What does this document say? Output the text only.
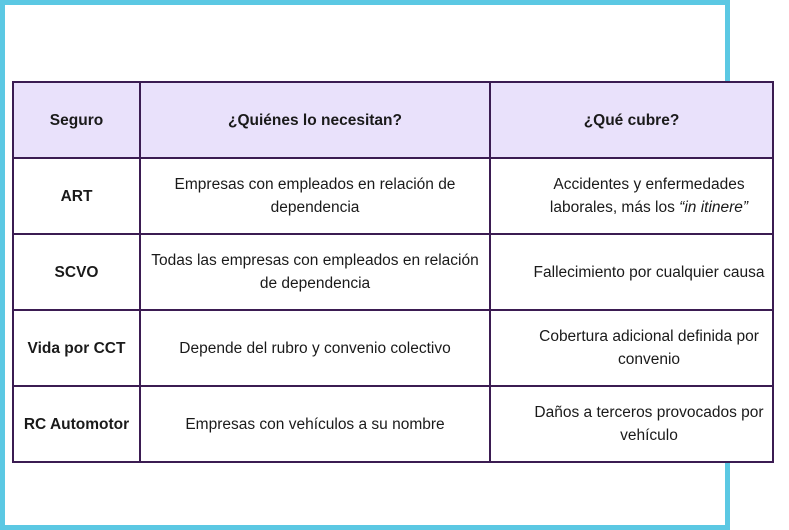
Seguro	¿Quiénes lo necesitan?	¿Qué cubre?
ART	Empresas con empleados en relación de dependencia	Accidentes y enfermedades
laborales, más los “in itinere”
SCVO	Todas las empresas con empleados en relación de dependencia	Fallecimiento por cualquier causa
Vida por CCT	Depende del rubro y convenio colectivo	Cobertura adicional definida por
convenio
RC Automotor	Empresas con vehículos a su nombre	Daños a terceros provocados por
vehículo
